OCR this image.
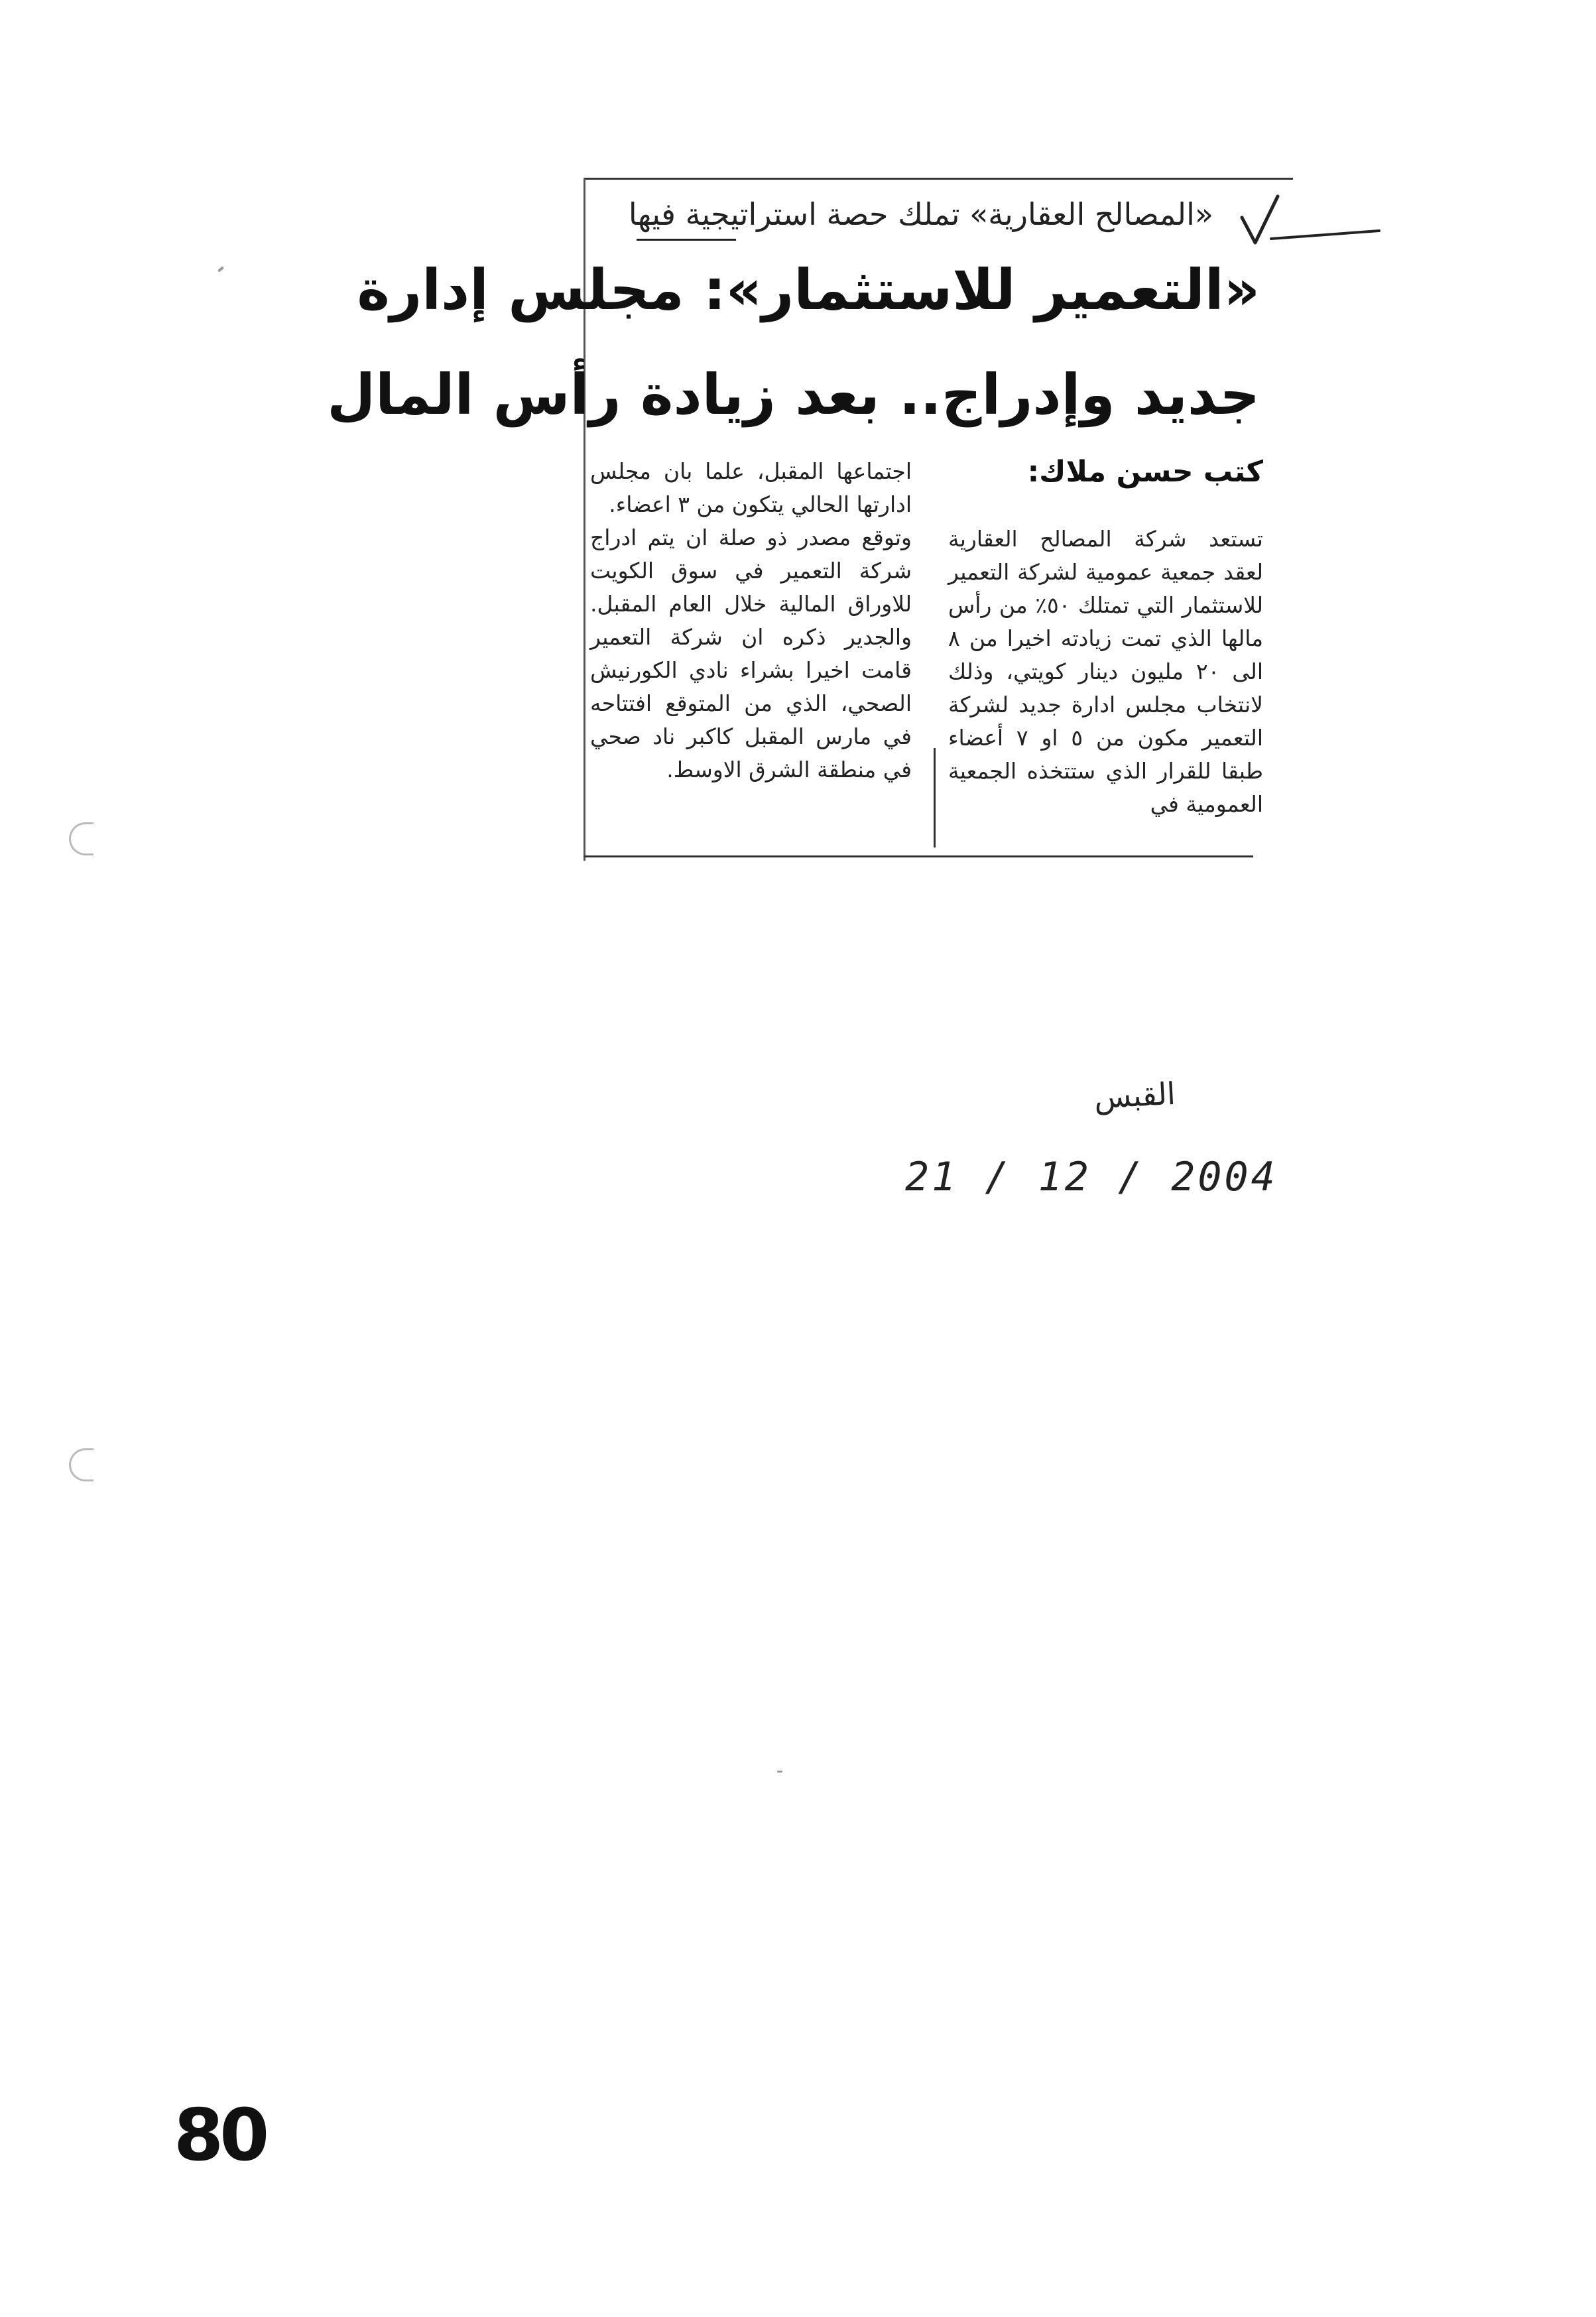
«المصالح العقارية» تملك حصة استراتيجية فيها
«التعمير للاستثمار»: مجلس إدارة
جديد وإدراج.. بعد زيادة رأس المال
كتب حسن ملاك:

تستعد شركة المصالح العقارية لعقد جمعية عمومية لشركة التعمير للاستثمار التي تمتلك ٥٠٪ من رأس مالها الذي تمت زيادته اخيرا من ٨ الى ٢٠ مليون دينار كويتي، وذلك لانتخاب مجلس ادارة جديد لشركة التعمير مكون من ٥ او ٧ أعضاء طبقا للقرار الذي ستتخذه الجمعية العمومية في

اجتماعها المقبل، علما بان مجلس ادارتها الحالي يتكون من ٣ اعضاء.

وتوقع مصدر ذو صلة ان يتم ادراج شركة التعمير في سوق الكويت للاوراق المالية خلال العام المقبل. والجدير ذكره ان شركة التعمير قامت اخيرا بشراء نادي الكورنيش الصحي، الذي من المتوقع افتتاحه في مارس المقبل كاكبر ناد صحي في منطقة الشرق الاوسط.

القبس
21 / 12 / 2004
80
